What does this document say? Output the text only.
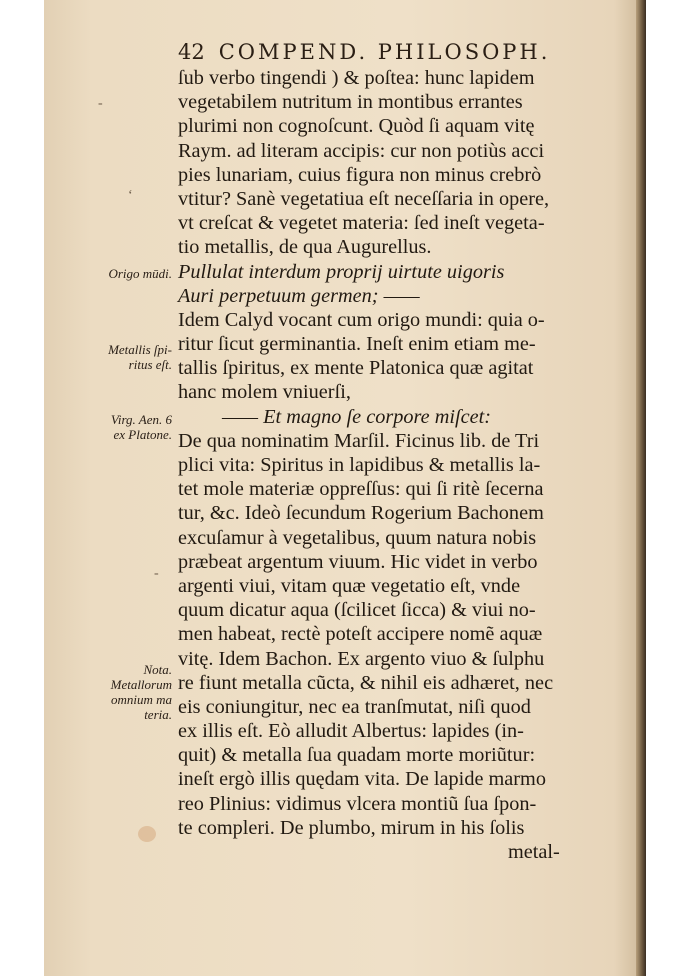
42 COMPEND. PHILOSOPH.
-
‘
-
Origo mūdi.
Metallis ſpi-
ritus eſt.
Virg. Aen. 6
ex Platone.
Nota.
Metallorum
omnium ma
teria.
ſub verbo tingendi ) & poſtea: hunc lapidem
vegetabilem nutritum in montibus errantes
plurimi non cognoſcunt. Quòd ſi aquam vitę
Raym. ad literam accipis: cur non potiùs acci
pies lunariam, cuius figura non minus crebrò
vtitur? Sanè vegetatiua eſt neceſſaria in opere,
vt creſcat & vegetet materia: ſed ineſt vegeta-
tio metallis, de qua Augurellus.
Pullulat interdum proprij uirtute uigoris
Auri perpetuum germen; ——
Idem Calyd vocant cum origo mundi: quia o-
ritur ſicut germinantia. Ineſt enim etiam me-
tallis ſpiritus, ex mente Platonica quæ agitat
hanc molem vniuerſi,
—— Et magno ſe corpore miſcet:
De qua nominatim Marſil. Ficinus lib. de Tri
plici vita: Spiritus in lapidibus & metallis la-
tet mole materiæ oppreſſus: qui ſi ritè ſecerna
tur, &c. Ideò ſecundum Rogerium Bachonem
excuſamur à vegetalibus, quum natura nobis
præbeat argentum viuum. Hic videt in verbo
argenti viui, vitam quæ vegetatio eſt, vnde
quum dicatur aqua (ſcilicet ſicca) & viui no-
men habeat, rectè poteſt accipere nomẽ aquæ
vitę. Idem Bachon. Ex argento viuo & ſulphu
re fiunt metalla cũcta, & nihil eis adhæret, nec
eis coniungitur, nec ea tranſmutat, niſi quod
ex illis eſt. Eò alludit Albertus: lapides (in-
quit) & metalla ſua quadam morte moriũtur:
ineſt ergò illis quędam vita. De lapide marmo
reo Plinius: vidimus vlcera montiũ ſua ſpon-
te compleri. De plumbo, mirum in his ſolis
metal-
